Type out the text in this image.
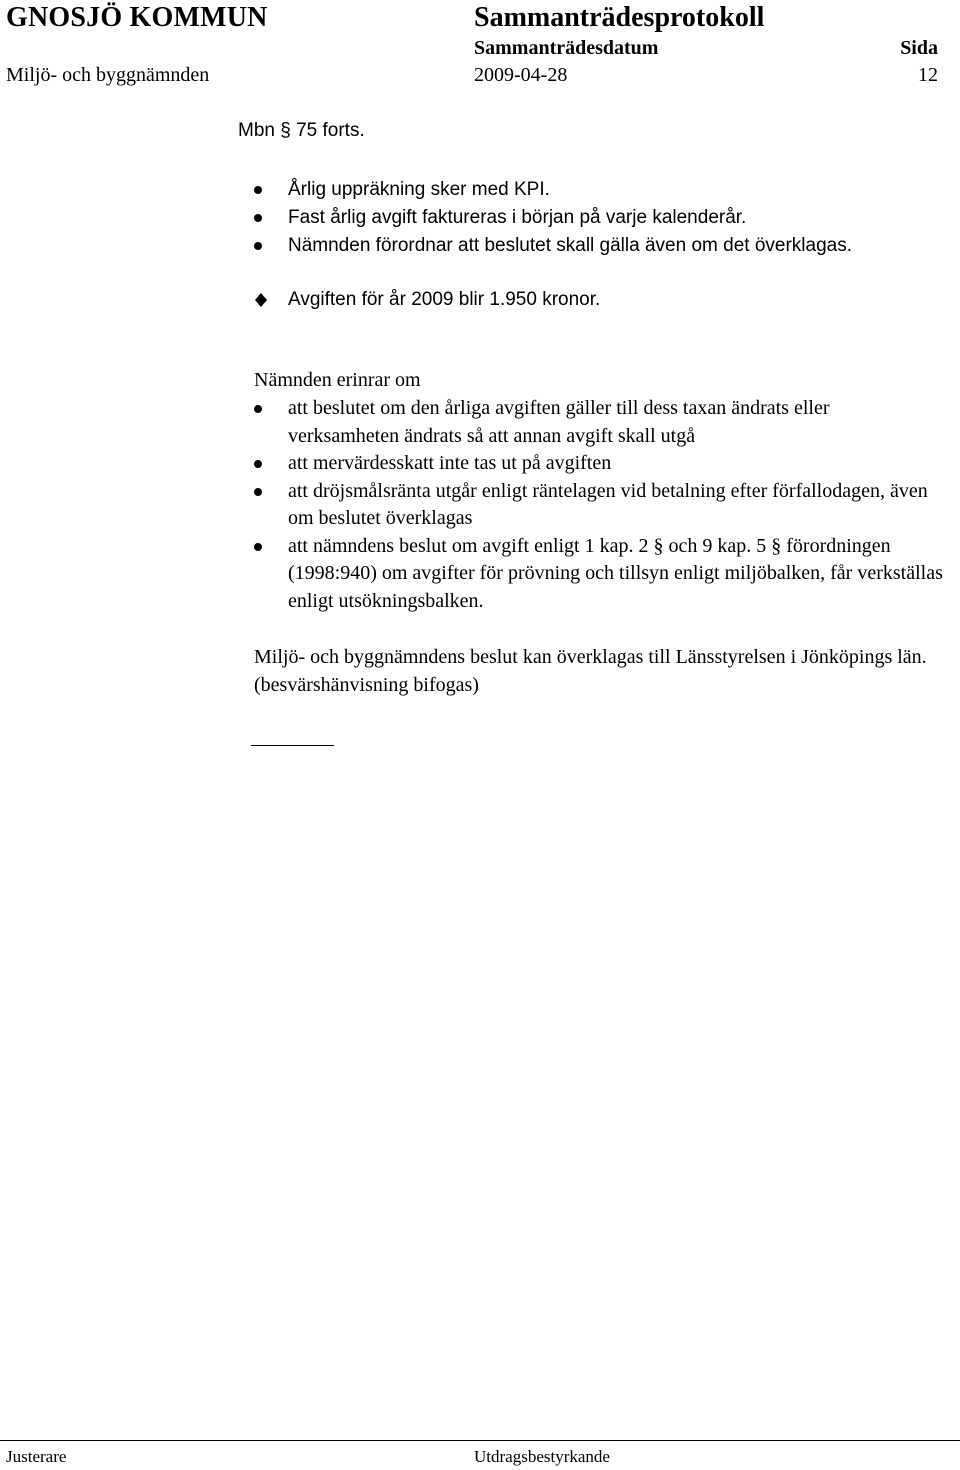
GNOSJÖ KOMMUN	Sammanträdesprotokoll
Sammanträdesdatum	Sida
Miljö- och byggnämnden	2009-04-28	12
Mbn § 75 forts.
Årlig uppräkning sker med KPI.
Fast årlig avgift faktureras i början på varje kalenderår.
Nämnden förordnar att beslutet skall gälla även om det överklagas.
Avgiften för år 2009 blir 1.950 kronor.
Nämnden erinrar om
att beslutet om den årliga avgiften gäller till dess taxan ändrats eller verksamheten ändrats så att annan avgift skall utgå
att mervärdesskatt inte tas ut på avgiften
att dröjsmålsränta utgår enligt räntelagen vid betalning efter förfallodagen, även om beslutet överklagas
att nämndens beslut om avgift enligt 1 kap. 2 § och 9 kap. 5 § förordningen (1998:940) om avgifter för prövning och tillsyn enligt miljöbalken, får verkställas enligt utsökningsbalken.
Miljö- och byggnämndens beslut kan överklagas till Länsstyrelsen i Jönköpings län. (besvärshänvisning bifogas)
Justerare	Utdragsbestyrkande
